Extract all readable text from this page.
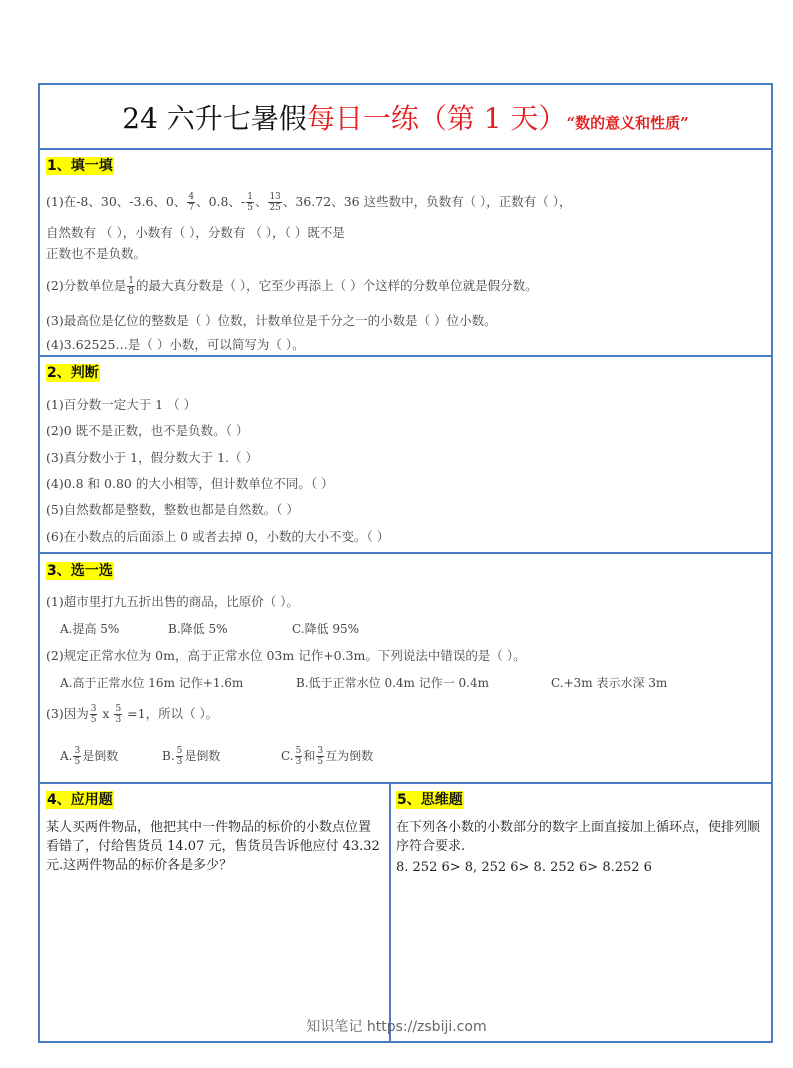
24 六升七暑假每日一练（第 1 天）“数的意义和性质”
1、填一填
(1)在-8、30、-3.6、0、 $\frac{4}{7}$ 、0.8、- $\frac{1}{5}$ 、 $\frac{13}{25}$ 、36.72、36 这些数中，负数有（ ），正数有（ ），
自然数有 （ ），小数有（ ），分数有 （ ），（ ）既不是
正数也不是负数。
(2)分数单位是 $\frac{1}{8}$ 的最大真分数是（ ），它至少再添上（ ）个这样的分数单位就是假分数。
(3)最高位是亿位的整数是（ ）位数，计数单位是千分之一的小数是（ ）位小数。
(4)3.62525…是（ ）小数，可以简写为（ ）。
2、判断
(1)百分数一定大于 1 （ ）
(2)0 既不是正数，也不是负数。（ ）
(3)真分数小于 1，假分数大于 1.（ ）
(4)0.8 和 0.80 的大小相等，但计数单位不同。（ ）
(5)自然数都是整数，整数也都是自然数。（ ）
(6)在小数点的后面添上 0 或者去掉 0，小数的大小不变。（ ）
3、选一选
(1)超市里打九五折出售的商品，比原价（ ）。
A.提高 5%	B.降低 5%	C.降低 95%
(2)规定正常水位为 0m，高于正常水位 03m 记作+0.3m。下列说法中错误的是（ ）。
A.高于正常水位 16m 记作+1.6m	B.低于正常水位 0.4m 记作一 0.4m	C.+3m 表示水深 3m
(3)因为 $\frac{3}{5}$ x $\frac{5}{3} =1$，所以（ ）。
A. $\frac{3}{5}$ 是倒数	B. $\frac{5}{3}$ 是倒数	C. $\frac{5}{3}$ 和 $\frac{3}{5}$ 互为倒数
4、应用题
某人买两件物品，他把其中一件物品的标价的小数点位置看错了，付给售货员 14.07 元，售货员告诉他应付 43.32 元.这两件物品的标价各是多少？
5、思维题
在下列各小数的小数部分的数字上面直接加上循环点，使排列顺序符合要求.
8. 252 6> 8, 252 6> 8. 252 6> 8.252 6
知识笔记 https://zsbiji.com
